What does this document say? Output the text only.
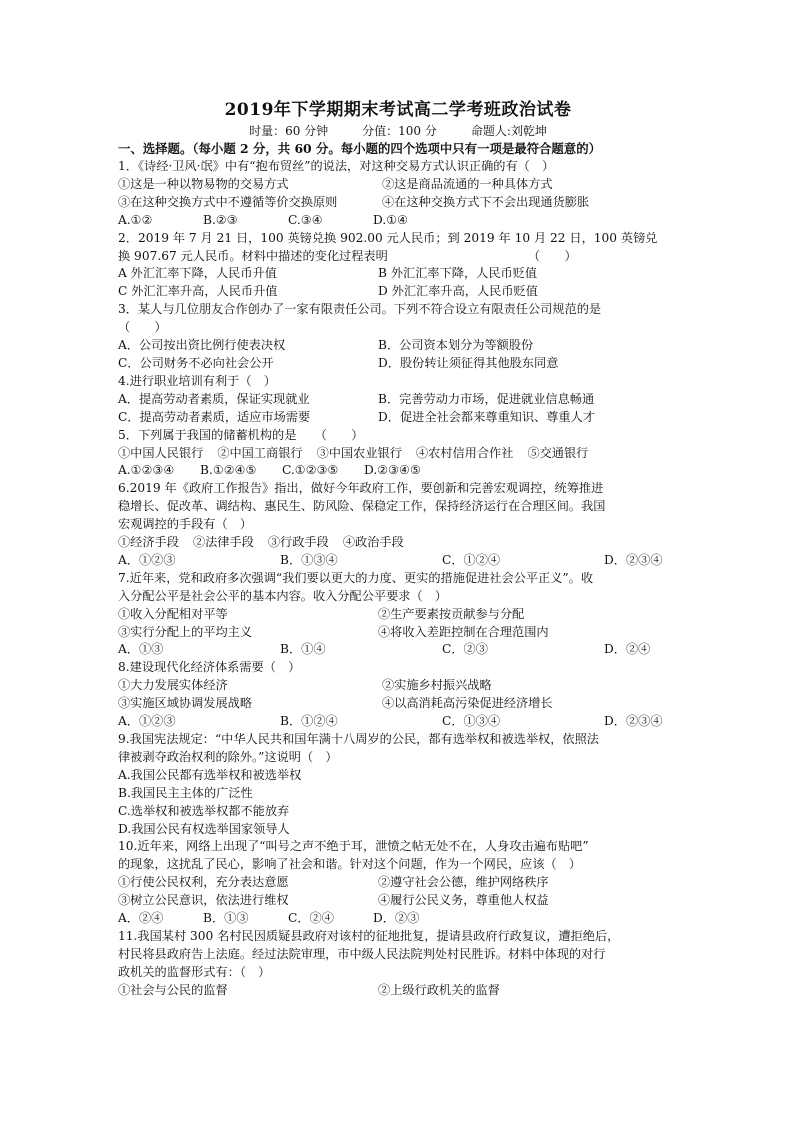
2019年下学期期末考试高二学考班政治试卷
时量：60 分钟	分值：100 分	命题人:刘乾坤
一、选择题。（每小题 2 分，共 60 分。每小题的四个选项中只有一项是最符合题意的）
1．《诗经·卫风·氓》中有“抱布贸丝”的说法，对这种交易方式认识正确的有（　）
①这是一种以物易物的交易方式	②这是商品流通的一种具体方式
③在这种交换方式中不遵循等价交换原则	④在这种交换方式下不会出现通货膨胀
A.①②	B.②③	C.③④	D.①④
2．2019 年 7 月 21 日，100 英镑兑换 902.00 元人民币；到 2019 年 10 月 22 日，100 英镑兑
换 907.67 元人民币。材料中描述的变化过程表明　　　　　　　　　　　　（　　）
A 外汇汇率下降，人民币升值	B 外汇汇率下降，人民币贬值
C 外汇汇率升高，人民币升值	D 外汇汇率升高，人民币贬值
3．某人与几位朋友合作创办了一家有限责任公司。下列不符合设立有限责任公司规范的是
（　　）
A．公司按出资比例行使表决权	B．公司资本划分为等额股份
C．公司财务不必向社会公开	D．股份转让须征得其他股东同意
4.进行职业培训有利于（　）
A．提高劳动者素质，保证实现就业	B．完善劳动力市场，促进就业信息畅通
C．提高劳动者素质，适应市场需要	D．促进全社会都来尊重知识、尊重人才
5．下列属于我国的储蓄机构的是　　（　　）
①中国人民银行 ②中国工商银行 ③中国农业银行 ④农村信用合作社 ⑤交通银行
A.①②③④	B.①②④⑤	C.①②③⑤	D.②③④⑤
6.2019 年《政府工作报告》指出，做好今年政府工作，要创新和完善宏观调控，统筹推进
稳增长、促改革、调结构、惠民生、防风险、保稳定工作，保持经济运行在合理区间。我国
宏观调控的手段有（　）
①经济手段 ②法律手段 ③行政手段 ④政治手段
A．①②③	B．①③④	C．①②④	D．②③④
7.近年来，党和政府多次强调“我们要以更大的力度、更实的措施促进社会公平正义”。收
入分配公平是社会公平的基本内容。收入分配公平要求（　）
①收入分配相对平等	②生产要素按贡献参与分配
③实行分配上的平均主义	④将收入差距控制在合理范围内
A．①③	B．①④	C．②③	D．②④
8.建设现代化经济体系需要（　）
①大力发展实体经济	②实施乡村振兴战略
③实施区域协调发展战略	④以高消耗高污染促进经济增长
A．①②③	B．①②④	C．①③④	D．②③④
9.我国宪法规定：“中华人民共和国年满十八周岁的公民，都有选举权和被选举权，依照法
律被剥夺政治权利的除外。”这说明（　）
A.我国公民都有选举权和被选举权
B.我国民主主体的广泛性
C.选举权和被选举权都不能放弃
D.我国公民有权选举国家领导人
10.近年来，网络上出现了“叫号之声不绝于耳，泄愤之帖无处不在，人身攻击遍布贴吧”
的现象，这扰乱了民心，影响了社会和谐。针对这个问题，作为一个网民，应该（　）
①行使公民权利，充分表达意愿	②遵守社会公德，维护网络秩序
③树立公民意识，依法进行维权	④履行公民义务，尊重他人权益
A．②④	B．①③	C．②④	D．②③
11.我国某村 300 名村民因质疑县政府对该村的征地批复，提请县政府行政复议，遭拒绝后，
村民将县政府告上法庭。经过法院审理，市中级人民法院判处村民胜诉。材料中体现的对行
政机关的监督形式有：（　）
①社会与公民的监督	②上级行政机关的监督
